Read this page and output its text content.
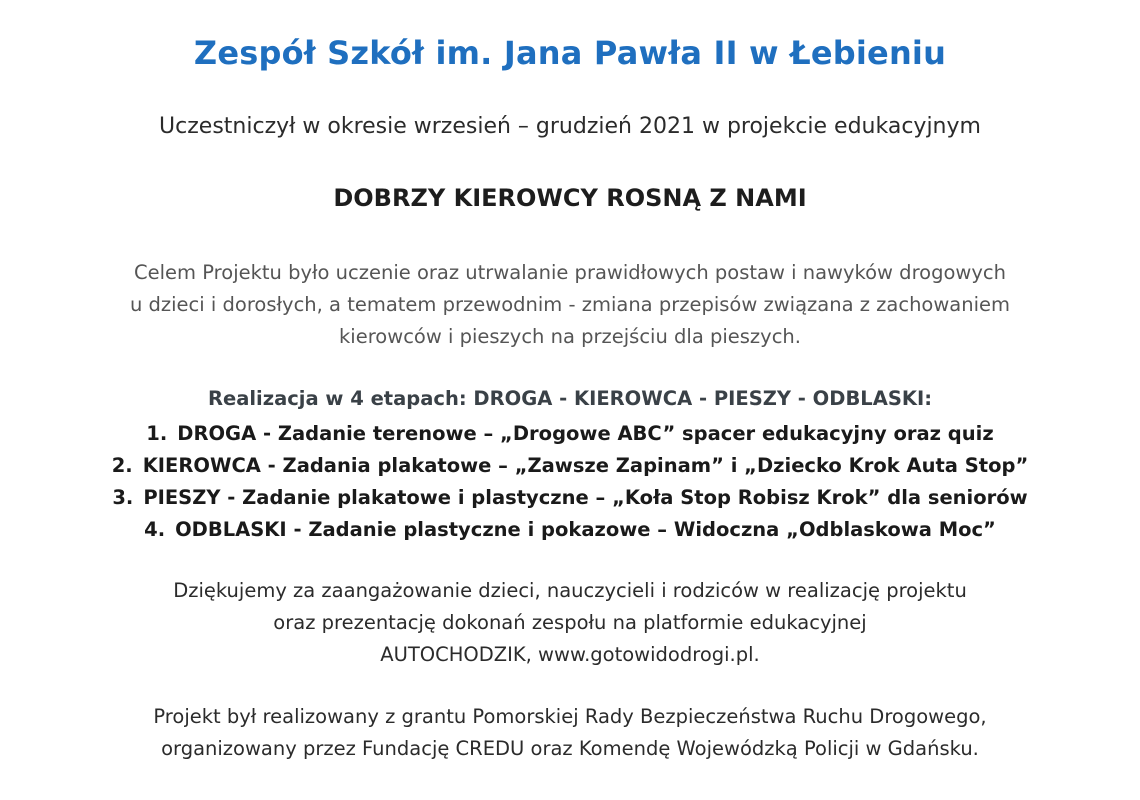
Zespół Szkół im. Jana Pawła II w Łebieniu
Uczestniczył w okresie wrzesień – grudzień 2021 w projekcie edukacyjnym
DOBRZY KIEROWCY ROSNĄ Z NAMI
Celem Projektu było uczenie oraz utrwalanie prawidłowych postaw i nawyków drogowych
u dzieci i dorosłych, a tematem przewodnim - zmiana przepisów związana z zachowaniem
kierowców i pieszych na przejściu dla pieszych.
Realizacja w 4 etapach: DROGA - KIEROWCA - PIESZY - ODBLASKI:
1. DROGA - Zadanie terenowe – „Drogowe ABC” spacer edukacyjny oraz quiz
2. KIEROWCA - Zadania plakatowe – „Zawsze Zapinam” i „Dziecko Krok Auta Stop”
3. PIESZY - Zadanie plakatowe i plastyczne – „Koła Stop Robisz Krok” dla seniorów
4. ODBLASKI - Zadanie plastyczne i pokazowe – Widoczna „Odblaskowa Moc”
Dziękujemy za zaangażowanie dzieci, nauczycieli i rodziców w realizację projektu
oraz prezentację dokonań zespołu na platformie edukacyjnej
AUTOCHODZIK, www.gotowidodrogi.pl.
Projekt był realizowany z grantu Pomorskiej Rady Bezpieczeństwa Ruchu Drogowego,
organizowany przez Fundację CREDU oraz Komendę Wojewódzką Policji w Gdańsku.
